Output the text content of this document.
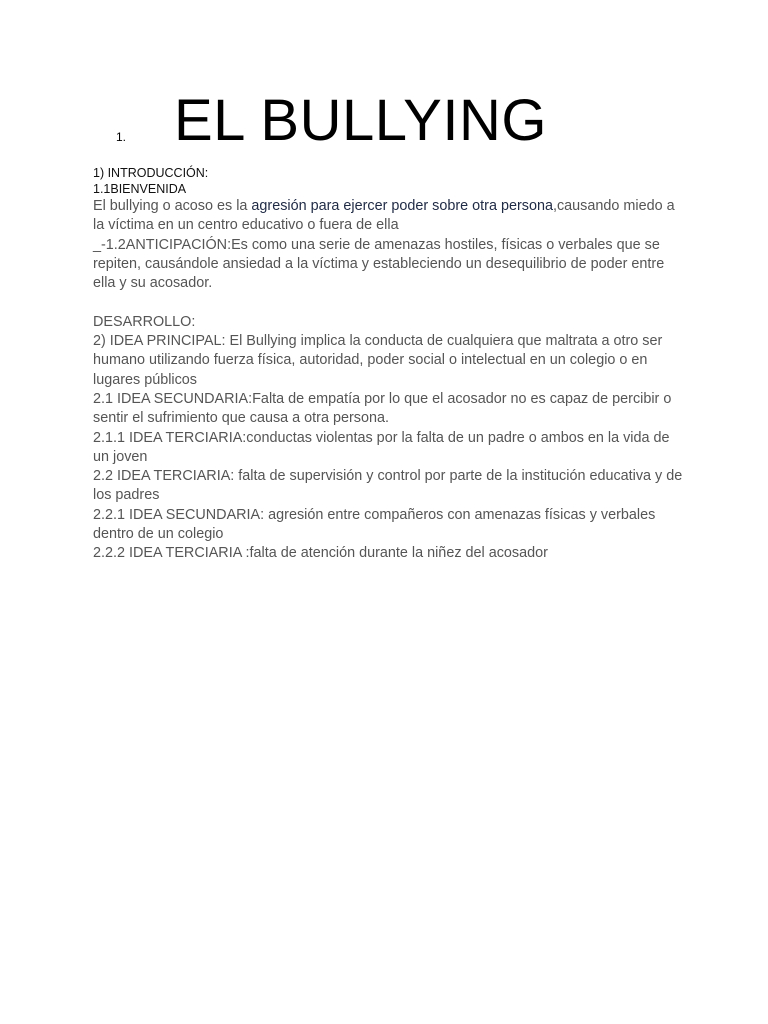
1. EL BULLYING
1) INTRODUCCIÓN:
1.1BIENVENIDA
El bullying o acoso es la agresión para ejercer poder sobre otra persona,causando miedo a la víctima en un centro educativo o fuera de ella
_-1.2ANTICIPACIÓN:Es como una serie de amenazas hostiles, físicas o verbales que se repiten, causándole ansiedad a la víctima y estableciendo un desequilibrio de poder entre ella y su acosador.
DESARROLLO:
2) IDEA PRINCIPAL: El Bullying implica la conducta de cualquiera que maltrata a otro ser humano utilizando fuerza física, autoridad, poder social o intelectual en un colegio o en lugares públicos
2.1 IDEA SECUNDARIA:Falta de empatía por lo que el acosador no es capaz de percibir o sentir el sufrimiento que causa a otra persona.
2.1.1 IDEA TERCIARIA:conductas violentas por la falta de un padre o ambos en la vida de un joven
2.2 IDEA TERCIARIA: falta de supervisión y control por parte de la institución educativa y de los padres
2.2.1 IDEA SECUNDARIA: agresión entre compañeros con amenazas físicas y verbales dentro de un colegio
2.2.2 IDEA TERCIARIA :falta de atención durante la niñez del acosador
